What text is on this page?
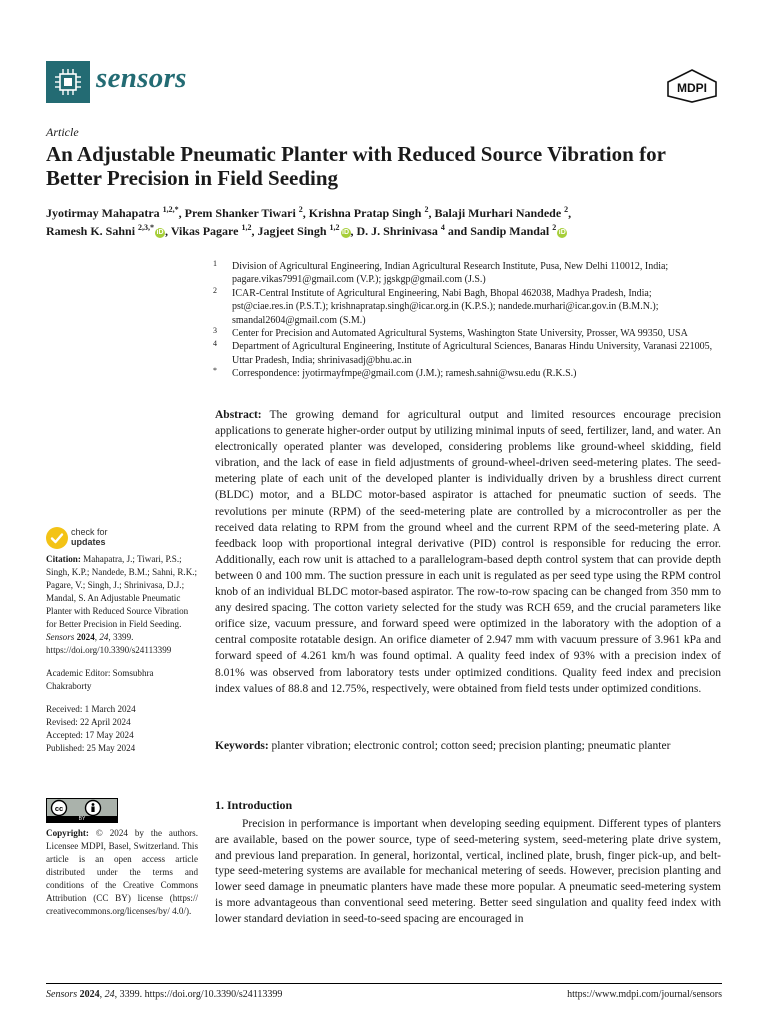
sensors	MDPI
Article
An Adjustable Pneumatic Planter with Reduced Source Vibration for Better Precision in Field Seeding
Jyotirmay Mahapatra $^{1,2,*}$, Prem Shanker Tiwari $^2$, Krishna Pratap Singh $^2$, Balaji Murhari Nandede $^2$,
Ramesh K. Sahni $^{2,3,*}$iD , Vikas Pagare $^{1,2}$, Jagjeet Singh $^{1,2}$iD , D. J. Shrinivasa $^4$ and Sandip Mandal $^2$iD
1 Division of Agricultural Engineering, Indian Agricultural Research Institute, Pusa, New Delhi 110012, India; pagare.vikas7991@gmail.com (V.P.); jgskgp@gmail.com (J.S.)
2 ICAR-Central Institute of Agricultural Engineering, Nabi Bagh, Bhopal 462038, Madhya Pradesh, India; pst@ciae.res.in (P.S.T.); krishnapratap.singh@icar.org.in (K.P.S.); nandede.murhari@icar.gov.in (B.M.N.); smandal2604@gmail.com (S.M.)
3 Center for Precision and Automated Agricultural Systems, Washington State University, Prosser, WA 99350, USA
4 Department of Agricultural Engineering, Institute of Agricultural Sciences, Banaras Hindu University, Varanasi 221005, Uttar Pradesh, India; shrinivasadj@bhu.ac.in
* Correspondence: jyotirmayfmpe@gmail.com (J.M.); ramesh.sahni@wsu.edu (R.K.S.)
check for
updates

Citation: Mahapatra, J.; Tiwari, P.S.; Singh, K.P.; Nandede, B.M.; Sahni, R.K.; Pagare, V.; Singh, J.; Shrinivasa, D.J.; Mandal, S. An Adjustable Pneumatic Planter with Reduced Source Vibration for Better Precision in Field Seeding. Sensors 2024, 24, 3399. https://doi.org/10.3390/s24113399

Academic Editor: Somsubhra Chakraborty

Received: 1 March 2024

Revised: 22 April 2024

Accepted: 17 May 2024

Published: 25 May 2024

cc
BY

Copyright: © 2024 by the authors. Licensee MDPI, Basel, Switzerland. This article is an open access article distributed under the terms and conditions of the Creative Commons Attribution (CC BY) license (https:// creativecommons.org/licenses/by/ 4.0/).

Abstract: The growing demand for agricultural output and limited resources encourage precision applications to generate higher-order output by utilizing minimal inputs of seed, fertilizer, land, and water. An electronically operated planter was developed, considering problems like ground-wheel skidding, field vibration, and the lack of ease in field adjustments of ground-wheel-driven seed-metering plates. The seed-metering plate of each unit of the developed planter is individually driven by a brushless direct current (BLDC) motor, and a BLDC motor-based aspirator is attached for pneumatic suction of seeds. The revolutions per minute (RPM) of the seed-metering plate are controlled by a microcontroller as per the received data relating to RPM from the ground wheel and the current RPM of the seed-metering plate. A feedback loop with proportional integral derivative (PID) control is responsible for reducing the error. Additionally, each row unit is attached to a parallelogram-based depth control system that can provide depth between 0 and 100 mm. The suction pressure in each unit is regulated as per seed type using the RPM control knob of an individual BLDC motor-based aspirator. The row-to-row spacing can be changed from 350 mm to any desired spacing. The cotton variety selected for the study was RCH 659, and the crucial parameters like orifice size, vacuum pressure, and forward speed were optimized in the laboratory with the adoption of a central composite rotatable design. An orifice diameter of 2.947 mm with vacuum pressure of 3.961 kPa and forward speed of 4.261 km/h was found optimal. A quality feed index of 93% with a precision index of 8.01% was observed from laboratory tests under optimized conditions. Quality feed index and precision index values of 88.8 and 12.75%, respectively, were obtained from field tests under optimized conditions.

Keywords: planter vibration; electronic control; cotton seed; precision planting; pneumatic planter
1. Introduction

Precision in performance is important when developing seeding equipment. Different types of planters are available, based on the power source, type of seed-metering system, seed-metering plate drive system, and previous land preparation. In general, horizontal, vertical, inclined plate, brush, finger pick-up, and belt-type seed-metering systems are available for mechanical metering of seeds. However, precision planting and lower seed damage in pneumatic planters have made these more popular. A pneumatic seed-metering system is more advantageous than conventional seed metering. Better seed singulation and quality feed index with lower standard deviation in seed-to-seed spacing are encouraged in

Sensors 2024, 24, 3399. https://doi.org/10.3390/s24113399	https://www.mdpi.com/journal/sensors
